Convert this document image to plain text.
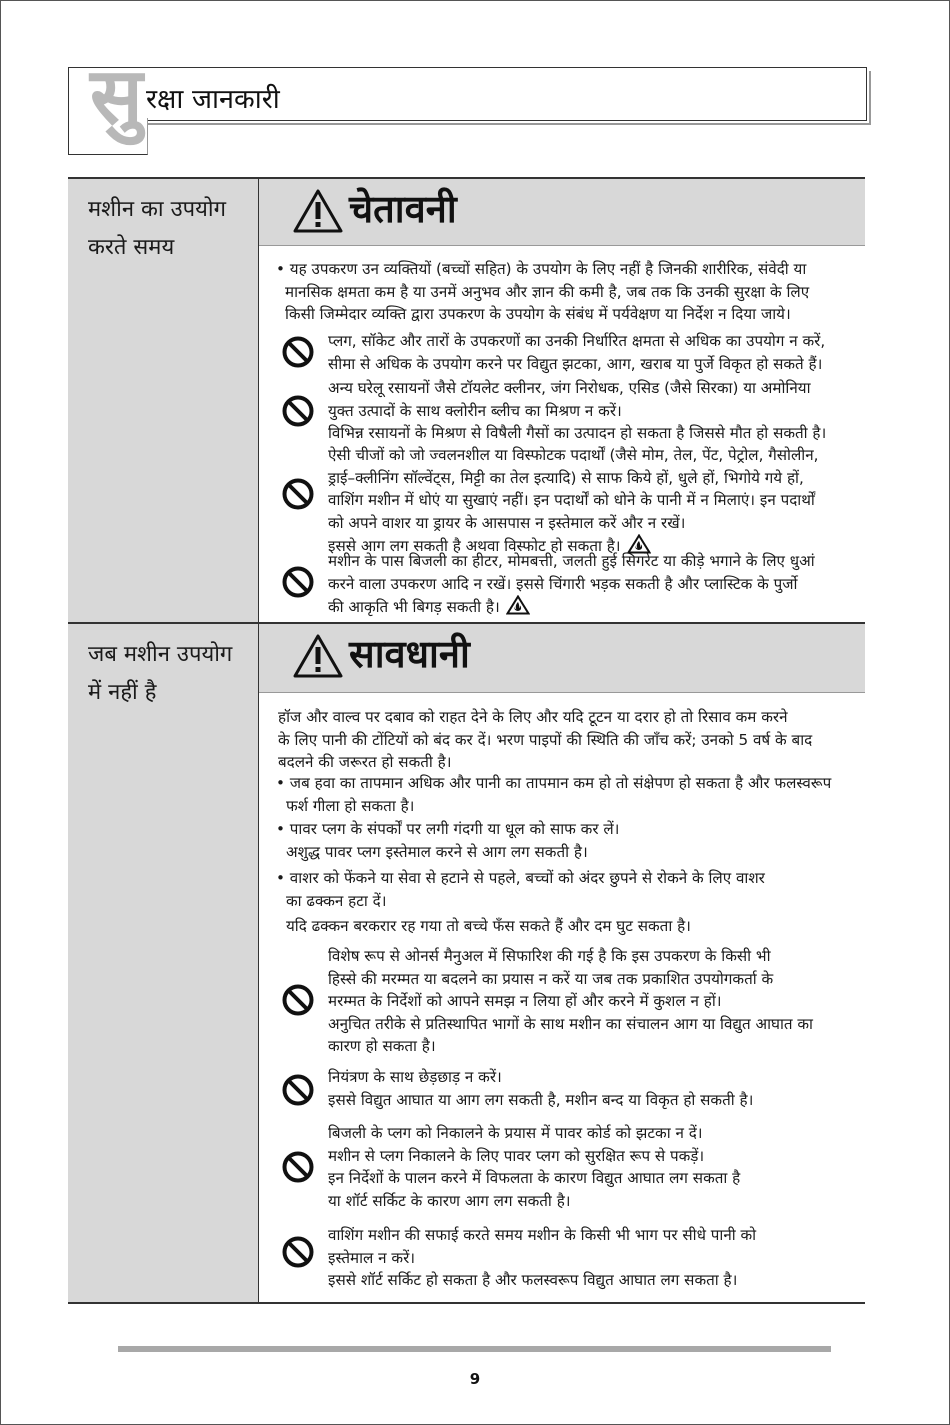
सु रक्षा जानकारी
मशीन का उपयोग
करते समय
चेतावनी
• यह उपकरण उन व्यक्तियों (बच्चों सहित) के उपयोग के लिए नहीं है जिनकी शारीरिक, संवेदी या
मानसिक क्षमता कम है या उनमें अनुभव और ज्ञान की कमी है, जब तक कि उनकी सुरक्षा के लिए
किसी जिम्मेदार व्यक्ति द्वारा उपकरण के उपयोग के संबंध में पर्यवेक्षण या निर्देश न दिया जाये।
प्लग, सॉकेट और तारों के उपकरणों का उनकी निर्धारित क्षमता से अधिक का उपयोग न करें,
सीमा से अधिक के उपयोग करने पर विद्युत झटका, आग, खराब या पुर्जे विकृत हो सकते हैं।
अन्य घरेलू रसायनों जैसे टॉयलेट क्लीनर, जंग निरोधक, एसिड (जैसे सिरका) या अमोनिया
युक्त उत्पादों के साथ क्लोरीन ब्लीच का मिश्रण न करें।
विभिन्न रसायनों के मिश्रण से विषैली गैसों का उत्पादन हो सकता है जिससे मौत हो सकती है।
ऐसी चीजों को जो ज्वलनशील या विस्फोटक पदार्थों (जैसे मोम, तेल, पेंट, पेट्रोल, गैसोलीन,
ड्राई–क्लीनिंग सॉल्वेंट्स, मिट्टी का तेल इत्यादि) से साफ किये हों, धुले हों, भिगोये गये हों,
वाशिंग मशीन में धोएं या सुखाएं नहीं। इन पदार्थों को धोने के पानी में न मिलाएं। इन पदार्थों
को अपने वाशर या ड्रायर के आसपास न इस्तेमाल करें और न रखें।
इससे आग लग सकती है अथवा विस्फोट हो सकता है।
मशीन के पास बिजली का हीटर, मोमबत्ती, जलती हुई सिगरेट या कीड़े भगाने के लिए धुआं
करने वाला उपकरण आदि न रखें। इससे चिंगारी भड़क सकती है और प्लास्टिक के पुर्जो
की आकृति भी बिगड़ सकती है।
जब मशीन उपयोग
में नहीं है
सावधानी
हॉज और वाल्व पर दबाव को राहत देने के लिए और यदि टूटन या दरार हो तो रिसाव कम करने
के लिए पानी की टोंटियों को बंद कर दें। भरण पाइपों की स्थिति की जाँच करें; उनको 5 वर्ष के बाद
बदलने की जरूरत हो सकती है।
• जब हवा का तापमान अधिक और पानी का तापमान कम हो तो संक्षेपण हो सकता है और फलस्वरूप
फर्श गीला हो सकता है।
• पावर प्लग के संपर्कों पर लगी गंदगी या धूल को साफ कर लें।
अशुद्ध पावर प्लग इस्तेमाल करने से आग लग सकती है।
• वाशर को फेंकने या सेवा से हटाने से पहले, बच्चों को अंदर छुपने से रोकने के लिए वाशर
का ढक्कन हटा दें।
यदि ढक्कन बरकरार रह गया तो बच्चे फँस सकते हैं और दम घुट सकता है।
विशेष रूप से ओनर्स मैनुअल में सिफारिश की गई है कि इस उपकरण के किसी भी
हिस्से की मरम्मत या बदलने का प्रयास न करें या जब तक प्रकाशित उपयोगकर्ता के
मरम्मत के निर्देशों को आपने समझ न लिया हों और करने में कुशल न हों।
अनुचित तरीके से प्रतिस्थापित भागों के साथ मशीन का संचालन आग या विद्युत आघात का
कारण हो सकता है।
नियंत्रण के साथ छेड़छाड़ न करें।
इससे विद्युत आघात या आग लग सकती है, मशीन बन्द या विकृत हो सकती है।
बिजली के प्लग को निकालने के प्रयास में पावर कोर्ड को झटका न दें।
मशीन से प्लग निकालने के लिए पावर प्लग को सुरक्षित रूप से पकड़ें।
इन निर्देशों के पालन करने में विफलता के कारण विद्युत आघात लग सकता है
या शॉर्ट सर्किट के कारण आग लग सकती है।
वाशिंग मशीन की सफाई करते समय मशीन के किसी भी भाग पर सीधे पानी को
इस्तेमाल न करें।
इससे शॉर्ट सर्किट हो सकता है और फलस्वरूप विद्युत आघात लग सकता है।
9
